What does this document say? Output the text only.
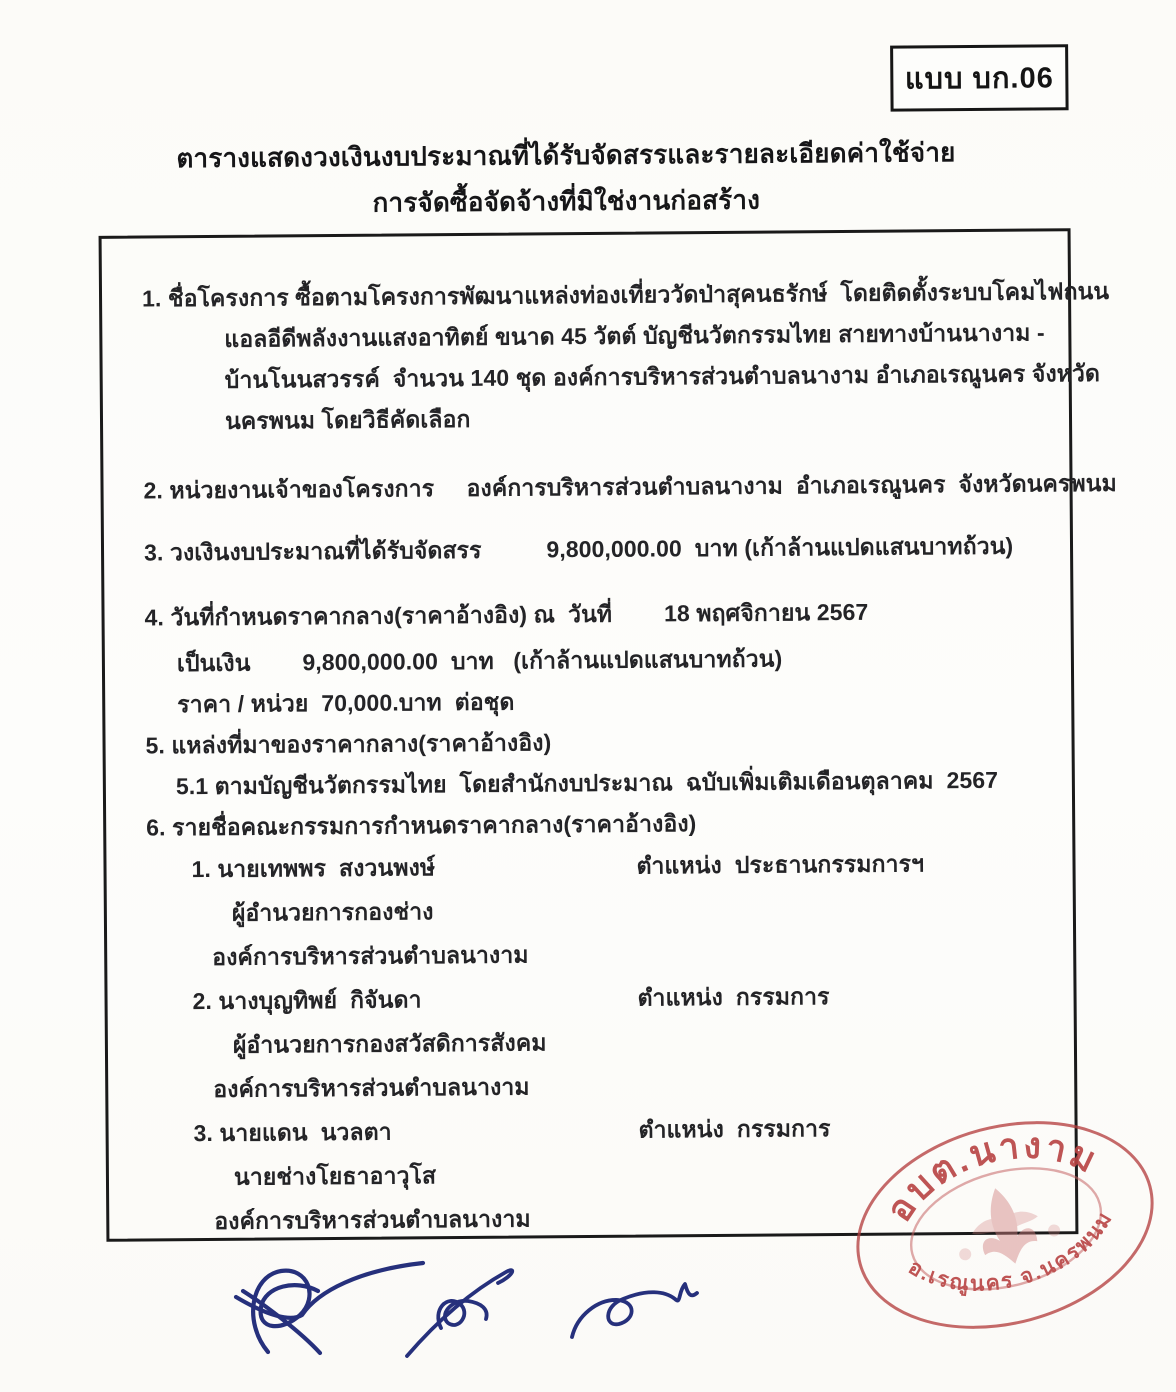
แบบ บก.06
ตารางแสดงวงเงินงบประมาณที่ได้รับจัดสรรและรายละเอียดค่าใช้จ่าย
การจัดซื้อจัดจ้างที่มิใช่งานก่อสร้าง
1. ชื่อโครงการ ซื้อตามโครงการพัฒนาแหล่งท่องเที่ยววัดป่าสุคนธรักษ์  โดยติดตั้งระบบโคมไฟถนน
แอลอีดีพลังงานแสงอาทิตย์ ขนาด 45 วัตต์ บัญชีนวัตกรรมไทย สายทางบ้านนางาม -
บ้านโนนสวรรค์  จำนวน 140 ชุด องค์การบริหารส่วนตำบลนางาม อำเภอเรณูนคร จังหวัด
นครพนม โดยวิธีคัดเลือก
2. หน่วยงานเจ้าของโครงการ     องค์การบริหารส่วนตำบลนางาม  อำเภอเรณูนคร  จังหวัดนครพนม
3. วงเงินงบประมาณที่ได้รับจัดสรร          9,800,000.00  บาท (เก้าล้านแปดแสนบาทถ้วน)
4. วันที่กำหนดราคากลาง(ราคาอ้างอิง) ณ  วันที่        18 พฤศจิกายน 2567
เป็นเงิน        9,800,000.00  บาท   (เก้าล้านแปดแสนบาทถ้วน)
ราคา / หน่วย  70,000.บาท  ต่อชุด
5. แหล่งที่มาของราคากลาง(ราคาอ้างอิง)
5.1 ตามบัญชีนวัตกรรมไทย  โดยสำนักงบประมาณ  ฉบับเพิ่มเติมเดือนตุลาคม  2567
6. รายชื่อคณะกรรมการกำหนดราคากลาง(ราคาอ้างอิง)
1. นายเทพพร  สงวนพงษ์	ตำแหน่ง  ประธานกรรมการฯ
ผู้อำนวยการกองช่าง
องค์การบริหารส่วนตำบลนางาม
2. นางบุญทิพย์  กิจันดา	ตำแหน่ง  กรรมการ
ผู้อำนวยการกองสวัสดิการสังคม
องค์การบริหารส่วนตำบลนางาม
3. นายแดน  นวลตา	ตำแหน่ง  กรรมการ
นายช่างโยธาอาวุโส
องค์การบริหารส่วนตำบลนางาม	อบต.นางาม
อ.เรณูนคร จ.นครพนม
